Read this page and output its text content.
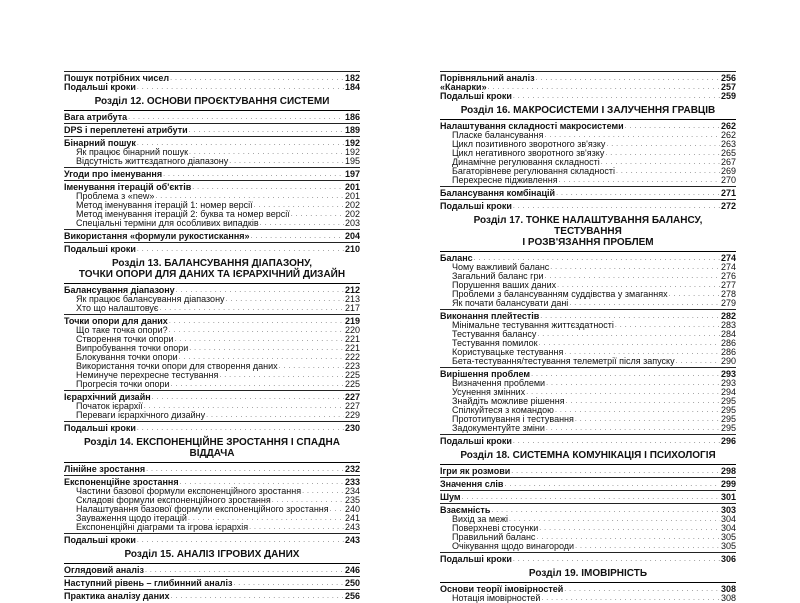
Пошук потрібних чисел . . .	182
Подальші кроки . . .	184
Розділ 12. ОСНОВИ ПРОЄКТУВАННЯ СИСТЕМИ
Вага атрибута . . .	186
DPS і переплетені атрибути . . .	189
Бінарний пошук . . .	192
Як працює бінарний пошук . . .	192
Відсутність життєздатного діапазону . . .	195
Угоди про іменування . . .	197
Іменування ітерацій об'єктів . . .	201
Проблема з «new» . . .	201
Метод іменування ітерацій 1: номер версії . . .	202
Метод іменування ітерацій 2: буква та номер версії . . .	202
Спеціальні терміни для особливих випадків . . .	203
Використання «формули рукостискання» . . .	204
Подальші кроки . . .	210
Розділ 13. БАЛАНСУВАННЯ ДІАПАЗОНУ,
ТОЧКИ ОПОРИ ДЛЯ ДАНИХ ТА ІЄРАРХІЧНИЙ ДИЗАЙН
Балансування діапазону . . .	212
Як працює балансування діапазону . . .	213
Хто що налаштовує . . .	217
Точки опори для даних . . .	219
Що таке точка опори? . . .	220
Створення точки опори . . .	221
Випробування точки опори . . .	221
Блокування точки опори . . .	222
Використання точки опори для створення даних . . .	223
Неминуче перехресне тестування . . .	225
Прогресія точки опори . . .	225
Ієрархічний дизайн . . .	227
Початок ієрархії . . .	227
Переваги ієрархічного дизайну . . .	229
Подальші кроки . . .	230
Розділ 14. ЕКСПОНЕНЦІЙНЕ ЗРОСТАННЯ І СПАДНА ВІДДАЧА
Лінійне зростання . . .	232
Експоненційне зростання . . .	233
Частини базової формули експоненційного зростання . . .	234
Складові формули експоненційного зростання . . .	235
Налаштування базової формули експоненційного зростання . . . 240
Зауваження щодо ітерацій . . .	241
Експоненційні діаграми та ігрова ієрархія . . .	243
Подальші кроки . . .	243
Розділ 15. АНАЛІЗ ІГРОВИХ ДАНИХ
Оглядовий аналіз . . .	246
Наступний рівень – глибинний аналіз . . .	250
Практика аналізу даних . . .	256
Порівняльний аналіз . . .	256
«Канарки» . . .	257
Подальші кроки . . .	259
Розділ 16. МАКРОСИСТЕМИ І ЗАЛУЧЕННЯ ГРАВЦІВ
Налаштування складності макросистеми . . .	262
Пласке балансування . . .	262
Цикл позитивного зворотного зв'язку . . .	263
Цикл негативного зворотного зв'язку . . .	265
Динамічне регулювання складності . . .	267
Багаторівневе регулювання складності . . .	269
Перехресне підживлення . . .	270
Балансування комбінацій . . .	271
Подальші кроки . . .	272
Розділ 17. ТОНКЕ НАЛАШТУВАННЯ БАЛАНСУ, ТЕСТУВАННЯ
І РОЗВ'ЯЗАННЯ ПРОБЛЕМ
Баланс . . .	274
Чому важливий баланс . . .	274
Загальний баланс гри . . .	276
Порушення ваших даних . . .	277
Проблеми з балансуванням суддівства у змаганнях . . .	278
Як почати балансувати дані . . .	279
Виконання плейтестів . . .	282
Мінімальне тестування життєздатності . . .	283
Тестування балансу . . .	284
Тестування помилок . . .	286
Користувацьке тестування . . .	286
Бета-тестування/тестування телеметрії після запуску . . .	290
Вирішення проблем . . .	293
Визначення проблеми . . .	293
Усунення змінних . . .	294
Знайдіть можливе рішення . . .	295
Спілкуйтеся з командою . . .	295
Прототипування і тестування . . .	295
Задокументуйте зміни . . .	295
Подальші кроки . . .	296
Розділ 18. СИСТЕМНА КОМУНІКАЦІЯ І ПСИХОЛОГІЯ
Ігри як розмови . . .	298
Значення слів . . .	299
Шум . . .	301
Взаємність . . .	303
Вихід за межі . . .	304
Поверхневі стосунки . . .	304
Правильний баланс . . .	305
Очікування щодо винагороди . . .	305
Подальші кроки . . .	306
Розділ 19. ІМОВІРНІСТЬ
Основи теорії імовірностей . . .	308
Нотація імовірностей . . .	308
